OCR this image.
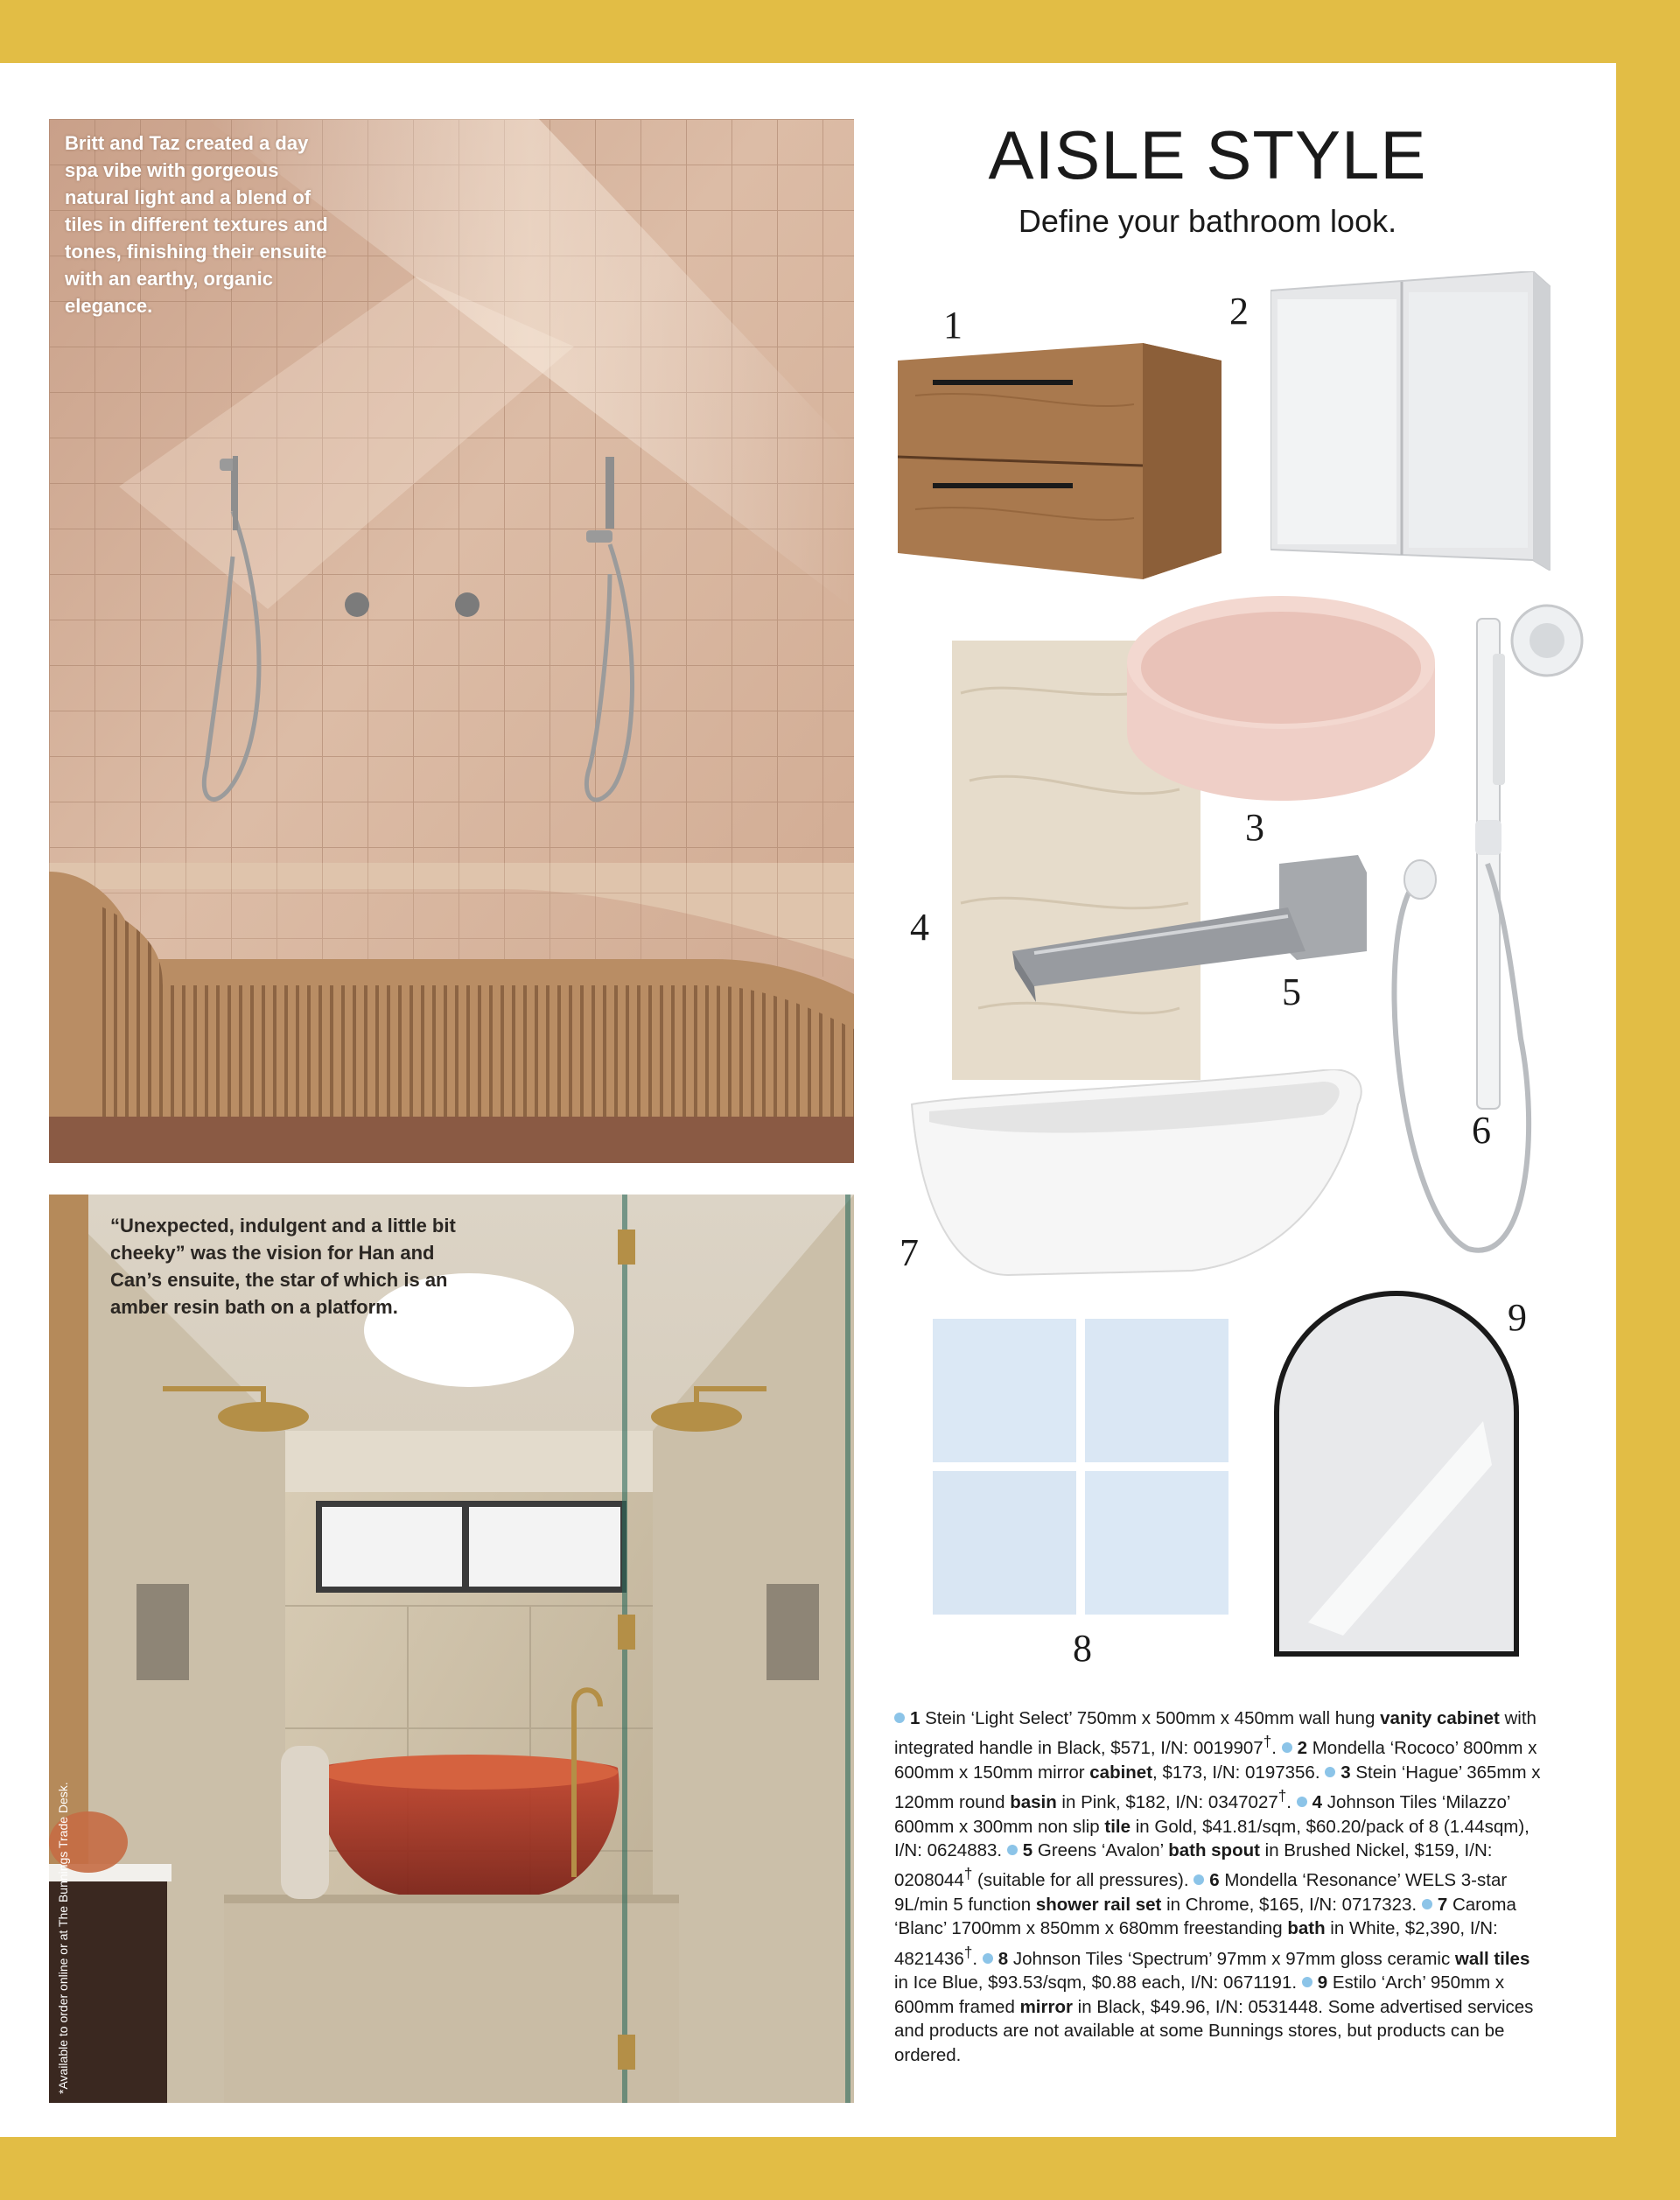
Britt and Taz created a day spa vibe with gorgeous natural light and a blend of tiles in different textures and tones, finishing their ensuite with an earthy, organic elegance.
“Unexpected, indulgent and a little bit cheeky” was the vision for Han and Can’s ensuite, the star of which is an amber resin bath on a platform.
*Available to order online or at The Bunnings Trade Desk.
AISLE STYLE
Define your bathroom look.
1	2
4
3
5
6
7
8
9
1 Stein ‘Light Select’ 750mm x 500mm x 450mm wall hung vanity cabinet with integrated handle in Black, $571, I/N: 0019907†. 2 Mondella ‘Rococo’ 800mm x 600mm x 150mm mirror cabinet, $173, I/N: 0197356. 3 Stein ‘Hague’ 365mm x 120mm round basin in Pink, $182, I/N: 0347027†. 4 Johnson Tiles ‘Milazzo’ 600mm x 300mm non slip tile in Gold, $41.81/sqm, $60.20/pack of 8 (1.44sqm), I/N: 0624883. 5 Greens ‘Avalon’ bath spout in Brushed Nickel, $159, I/N: 0208044† (suitable for all pressures). 6 Mondella ‘Resonance’ WELS 3-star 9L/min 5 function shower rail set in Chrome, $165, I/N: 0717323. 7 Caroma ‘Blanc’ 1700mm x 850mm x 680mm freestanding bath in White, $2,390, I/N: 4821436†. 8 Johnson Tiles ‘Spectrum’ 97mm x 97mm gloss ceramic wall tiles in Ice Blue, $93.53/sqm, $0.88 each, I/N: 0671191. 9 Estilo ‘Arch’ 950mm x 600mm framed mirror in Black, $49.96, I/N: 0531448. Some advertised services and products are not available at some Bunnings stores, but products can be ordered.
